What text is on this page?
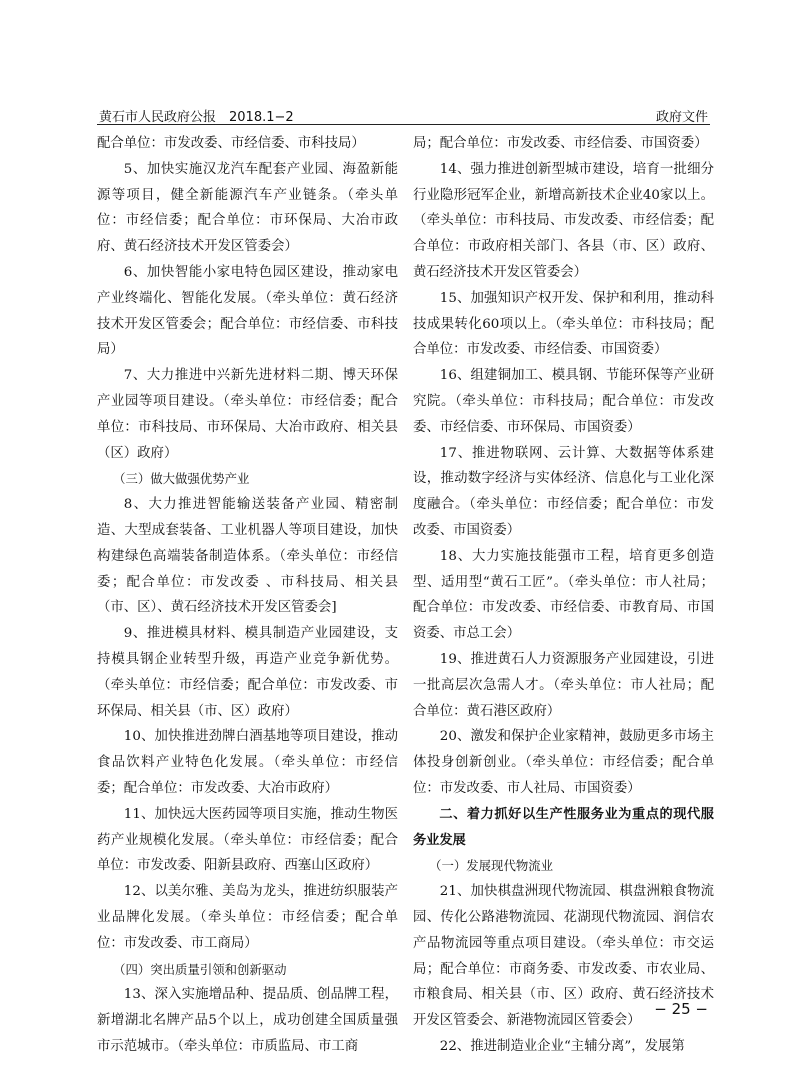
黄石市人民政府公报　2018.1−2	政府文件

配合单位：市发改委、市经信委、市科技局）

5、加快实施汉龙汽车配套产业园、海盈新能源等项目，健全新能源汽车产业链条。（牵头单位：市经信委；配合单位：市环保局、大冶市政府、黄石经济技术开发区管委会）

6、加快智能小家电特色园区建设，推动家电产业终端化、智能化发展。（牵头单位：黄石经济技术开发区管委会；配合单位：市经信委、市科技局）

7、大力推进中兴新先进材料二期、博天环保产业园等项目建设。（牵头单位：市经信委；配合单位：市科技局、市环保局、大冶市政府、相关县（区）政府）

（三）做大做强优势产业

8、大力推进智能输送装备产业园、精密制造、大型成套装备、工业机器人等项目建设，加快构建绿色高端装备制造体系。（牵头单位：市经信委；配合单位：市发改委 、市科技局、相关县（市、区）、黄石经济技术开发区管委会]

9、推进模具材料、模具制造产业园建设，支持模具钢企业转型升级，再造产业竞争新优势。（牵头单位：市经信委；配合单位：市发改委、市环保局、相关县（市、区）政府）

10、加快推进劲牌白酒基地等项目建设，推动食品饮料产业特色化发展。（牵头单位：市经信委；配合单位：市发改委、大冶市政府）

11、加快远大医药园等项目实施，推动生物医药产业规模化发展。（牵头单位：市经信委；配合单位：市发改委、阳新县政府、西塞山区政府）

12、以美尔雅、美岛为龙头，推进纺织服装产业品牌化发展。（牵头单位：市经信委；配合单位：市发改委、市工商局）

（四）突出质量引领和创新驱动

13、深入实施增品种、提品质、创品牌工程，新增湖北名牌产品5个以上，成功创建全国质量强市示范城市。（牵头单位：市质监局、市工商

局；配合单位：市发改委、市经信委、市国资委）

14、强力推进创新型城市建设，培育一批细分行业隐形冠军企业，新增高新技术企业40家以上。（牵头单位：市科技局、市发改委、市经信委；配合单位：市政府相关部门、各县（市、区）政府、黄石经济技术开发区管委会）

15、加强知识产权开发、保护和利用，推动科技成果转化60项以上。（牵头单位：市科技局；配合单位：市发改委、市经信委、市国资委）

16、组建铜加工、模具钢、节能环保等产业研究院。（牵头单位：市科技局；配合单位：市发改委、市经信委、市环保局、市国资委）

17、推进物联网、云计算、大数据等体系建设，推动数字经济与实体经济、信息化与工业化深度融合。（牵头单位：市经信委；配合单位：市发改委、市国资委）

18、大力实施技能强市工程，培育更多创造型、适用型“黄石工匠”。（牵头单位：市人社局；配合单位：市发改委、市经信委、市教育局、市国资委、市总工会）

19、推进黄石人力资源服务产业园建设，引进一批高层次急需人才。（牵头单位：市人社局；配合单位：黄石港区政府）

20、激发和保护企业家精神，鼓励更多市场主体投身创新创业。（牵头单位：市经信委；配合单位：市发改委、市人社局、市国资委）

二、着力抓好以生产性服务业为重点的现代服务业发展

（一）发展现代物流业

21、加快棋盘洲现代物流园、棋盘洲粮食物流园、传化公路港物流园、花湖现代物流园、润信农产品物流园等重点项目建设。（牵头单位：市交运局；配合单位：市商务委、市发改委、市农业局、市粮食局、相关县（市、区）政府、黄石经济技术开发区管委会、新港物流园区管委会）

22、推进制造业企业“主辅分离”，发展第

− 25 −
